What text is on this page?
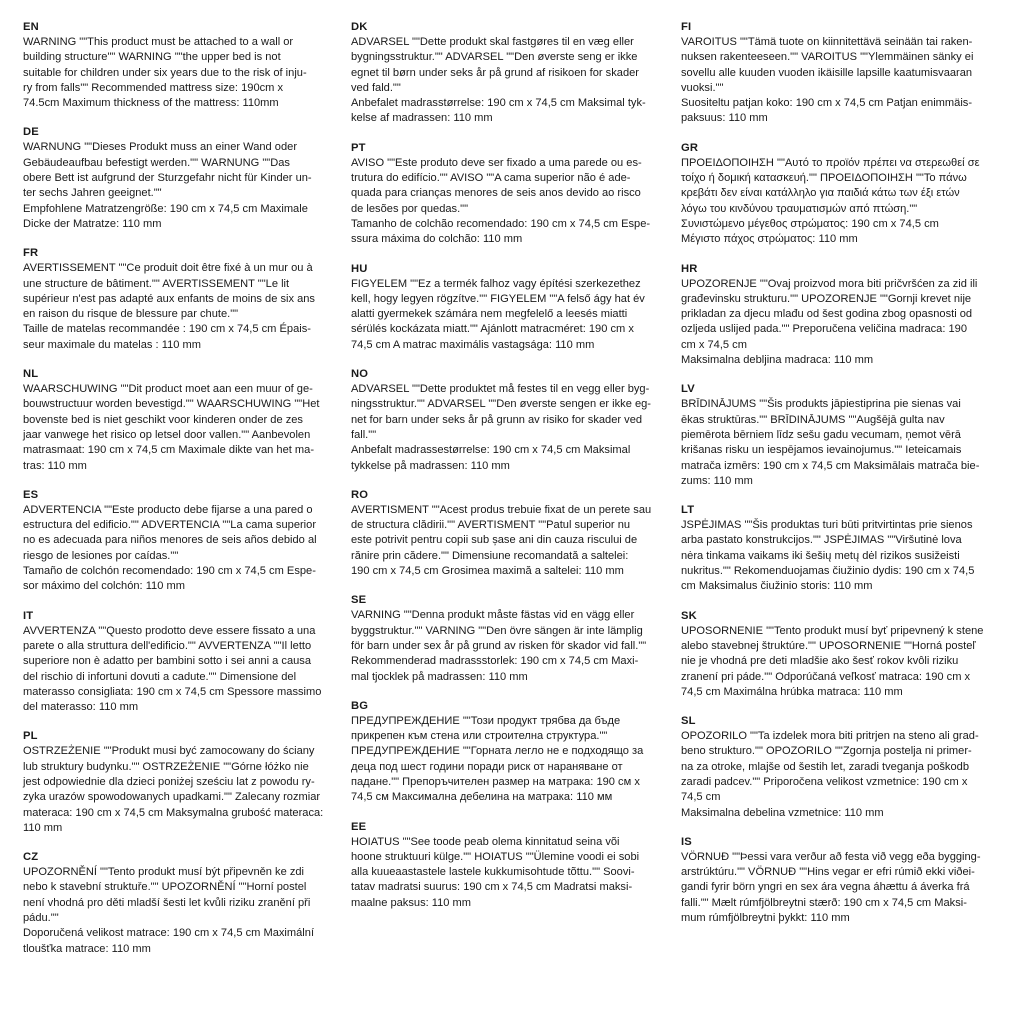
EN
WARNING ""This product must be attached to a wall or
building structure"" WARNING ""the upper bed is not
suitable for children under six years due to the risk of inju-
ry from falls"" Recommended mattress size: 190cm x
74.5cm Maximum thickness of the mattress: 110mm
DE
WARNUNG ""Dieses Produkt muss an einer Wand oder
Gebäudeaufbau befestigt werden."" WARNUNG ""Das
obere Bett ist aufgrund der Sturzgefahr nicht für Kinder un-
ter sechs Jahren geeignet.""
Empfohlene Matratzengröße: 190 cm x 74,5 cm Maximale
Dicke der Matratze: 110 mm
FR
AVERTISSEMENT ""Ce produit doit être fixé à un mur ou à
une structure de bâtiment."" AVERTISSEMENT ""Le lit
supérieur n'est pas adapté aux enfants de moins de six ans
en raison du risque de blessure par chute.""
Taille de matelas recommandée : 190 cm x 74,5 cm Épais-
seur maximale du matelas : 110 mm
NL
WAARSCHUWING ""Dit product moet aan een muur of ge-
bouwstructuur worden bevestigd."" WAARSCHUWING ""Het
bovenste bed is niet geschikt voor kinderen onder de zes
jaar vanwege het risico op letsel door vallen."" Aanbevolen
matrasmaat: 190 cm x 74,5 cm Maximale dikte van het ma-
tras: 110 mm
ES
ADVERTENCIA ""Este producto debe fijarse a una pared o
estructura del edificio."" ADVERTENCIA ""La cama superior
no es adecuada para niños menores de seis años debido al
riesgo de lesiones por caídas.""
Tamaño de colchón recomendado: 190 cm x 74,5 cm Espe-
sor máximo del colchón: 110 mm
IT
AVVERTENZA ""Questo prodotto deve essere fissato a una
parete o alla struttura dell'edificio."" AVVERTENZA ""Il letto
superiore non è adatto per bambini sotto i sei anni a causa
del rischio di infortuni dovuti a cadute."" Dimensione del
materasso consigliata: 190 cm x 74,5 cm Spessore massimo
del materasso: 110 mm
PL
OSTRZEŻENIE ""Produkt musi być zamocowany do ściany
lub struktury budynku."" OSTRZEŻENIE ""Górne łóżko nie
jest odpowiednie dla dzieci poniżej sześciu lat z powodu ry-
zyka urazów spowodowanych upadkami."" Zalecany rozmiar
materaca: 190 cm x 74,5 cm Maksymalna grubość materaca:
110 mm
CZ
UPOZORNĚNÍ ""Tento produkt musí být připevněn ke zdi
nebo k stavební struktuře."" UPOZORNĚNÍ ""Horní postel
není vhodná pro děti mladší šesti let kvůli riziku zranění při
pádu.""
Doporučená velikost matrace: 190 cm x 74,5 cm Maximální
tloušťka matrace: 110 mm
DK
ADVARSEL ""Dette produkt skal fastgøres til en væg eller
bygningsstruktur."" ADVARSEL ""Den øverste seng er ikke
egnet til børn under seks år på grund af risikoen for skader
ved fald.""
Anbefalet madrasstørrelse: 190 cm x 74,5 cm Maksimal tyk-
kelse af madrassen: 110 mm
PT
AVISO ""Este produto deve ser fixado a uma parede ou es-
trutura do edifício."" AVISO ""A cama superior não é ade-
quada para crianças menores de seis anos devido ao risco
de lesões por quedas.""
Tamanho de colchão recomendado: 190 cm x 74,5 cm Espe-
ssura máxima do colchão: 110 mm
HU
FIGYELEM ""Ez a termék falhoz vagy építési szerkezethez
kell, hogy legyen rögzítve."" FIGYELEM ""A felső ágy hat év
alatti gyermekek számára nem megfelelő a leesés miatti
sérülés kockázata miatt."" Ajánlott matracméret: 190 cm x
74,5 cm A matrac maximális vastagsága: 110 mm
NO
ADVARSEL ""Dette produktet må festes til en vegg eller byg-
ningsstruktur."" ADVARSEL ""Den øverste sengen er ikke eg-
net for barn under seks år på grunn av risiko for skader ved
fall.""
Anbefalt madrassestørrelse: 190 cm x 74,5 cm Maksimal
tykkelse på madrassen: 110 mm
RO
AVERTISMENT ""Acest produs trebuie fixat de un perete sau
de structura clădirii."" AVERTISMENT ""Patul superior nu
este potrivit pentru copii sub șase ani din cauza riscului de
rănire prin cădere."" Dimensiune recomandată a saltelei:
190 cm x 74,5 cm Grosimea maximă a saltelei: 110 mm
SE
VARNING ""Denna produkt måste fästas vid en vägg eller
byggstruktur."" VARNING ""Den övre sängen är inte lämplig
för barn under sex år på grund av risken för skador vid fall.""
Rekommenderad madrassstorlek: 190 cm x 74,5 cm Maxi-
mal tjocklek på madrassen: 110 mm
BG
ПРЕДУПРЕЖДЕНИЕ ""Този продукт трябва да бъде
прикрепен към стена или строителна структура.""
ПРЕДУПРЕЖДЕНИЕ ""Горната легло не е подходящо за
деца под шест години поради риск от нараняване от
падане."" Препоръчителен размер на матрака: 190 см х
74,5 см Максимална дебелина на матрака: 110 мм
EE
HOIATUS ""See toode peab olema kinnitatud seina või
hoone struktuuri külge."" HOIATUS ""Ülemine voodi ei sobi
alla kuueaastastele lastele kukkumisohtude tõttu."" Soovi-
tatav madratsi suurus: 190 cm x 74,5 cm Madratsi maksi-
maalne paksus: 110 mm
FI
VAROITUS ""Tämä tuote on kiinnitettävä seinään tai raken-
nuksen rakenteeseen."" VAROITUS ""Ylemmäinen sänky ei
sovellu alle kuuden vuoden ikäisille lapsille kaatumisvaaran
vuoksi.""
Suositeltu patjan koko: 190 cm x 74,5 cm Patjan enimmäis-
paksuus: 110 mm
GR
ΠΡΟΕΙΔΟΠΟΙΗΣΗ ""Αυτό το προϊόν πρέπει να στερεωθεί σε
τοίχο ή δομική κατασκευή."" ΠΡΟΕΙΔΟΠΟΙΗΣΗ ""Το πάνω
κρεβάτι δεν είναι κατάλληλο για παιδιά κάτω των έξι ετών
λόγω του κινδύνου τραυματισμών από πτώση.""
Συνιστώμενο μέγεθος στρώματος: 190 cm x 74,5 cm
Μέγιστο πάχος στρώματος: 110 mm
HR
UPOZORENJE ""Ovaj proizvod mora biti pričvršćen za zid ili
građevinsku strukturu."" UPOZORENJE ""Gornji krevet nije
prikladan za djecu mlađu od šest godina zbog opasnosti od
ozljeda uslijed pada."" Preporučena veličina madraca: 190
cm x 74,5 cm
Maksimalna debljina madraca: 110 mm
LV
BRĪDINĀJUMS ""Šis produkts jāpiestiprina pie sienas vai
ēkas struktūras."" BRĪDINĀJUMS ""Augšējā gulta nav
piemērota bērniem līdz sešu gadu vecumam, ņemot vērā
krišanas risku un iespējamos ievainojumus."" Ieteicamais
matrača izmērs: 190 cm x 74,5 cm Maksimālais matrača bie-
zums: 110 mm
LT
JSPĖJIMAS ""Šis produktas turi būti pritvirtintas prie sienos
arba pastato konstrukcijos."" JSPĖJIMAS ""Viršutinė lova
nėra tinkama vaikams iki šešių metų dėl rizikos susižeisti
nukritus."" Rekomenduojamas čiužinio dydis: 190 cm x 74,5
cm Maksimalus čiužinio storis: 110 mm
SK
UPOSORNENIE ""Tento produkt musí byť pripevnený k stene
alebo stavebnej štruktúre."" UPOSORNENIE ""Horná posteľ
nie je vhodná pre deti mladšie ako šesť rokov kvôli riziku
zranení pri páde."" Odporúčaná veľkosť matraca: 190 cm x
74,5 cm Maximálna hrúbka matraca: 110 mm
SL
OPOZORILO ""Ta izdelek mora biti pritrjen na steno ali grad-
beno strukturo."" OPOZORILO ""Zgornja postelja ni primer-
na za otroke, mlajše od šestih let, zaradi tveganja poškodb
zaradi padcev."" Priporočena velikost vzmetnice: 190 cm x
74,5 cm
Maksimalna debelina vzmetnice: 110 mm
IS
VÖRNUÐ ""Þessi vara verður að festa við vegg eða bygging-
arstrúktúru."" VÖRNUÐ ""Hins vegar er efri rúmið ekki viðei-
gandi fyrir börn yngri en sex ára vegna áhættu á áverka frá
falli."" Mælt rúmfjölbreytni stærð: 190 cm x 74,5 cm Maksi-
mum rúmfjölbreytni þykkt: 110 mm
